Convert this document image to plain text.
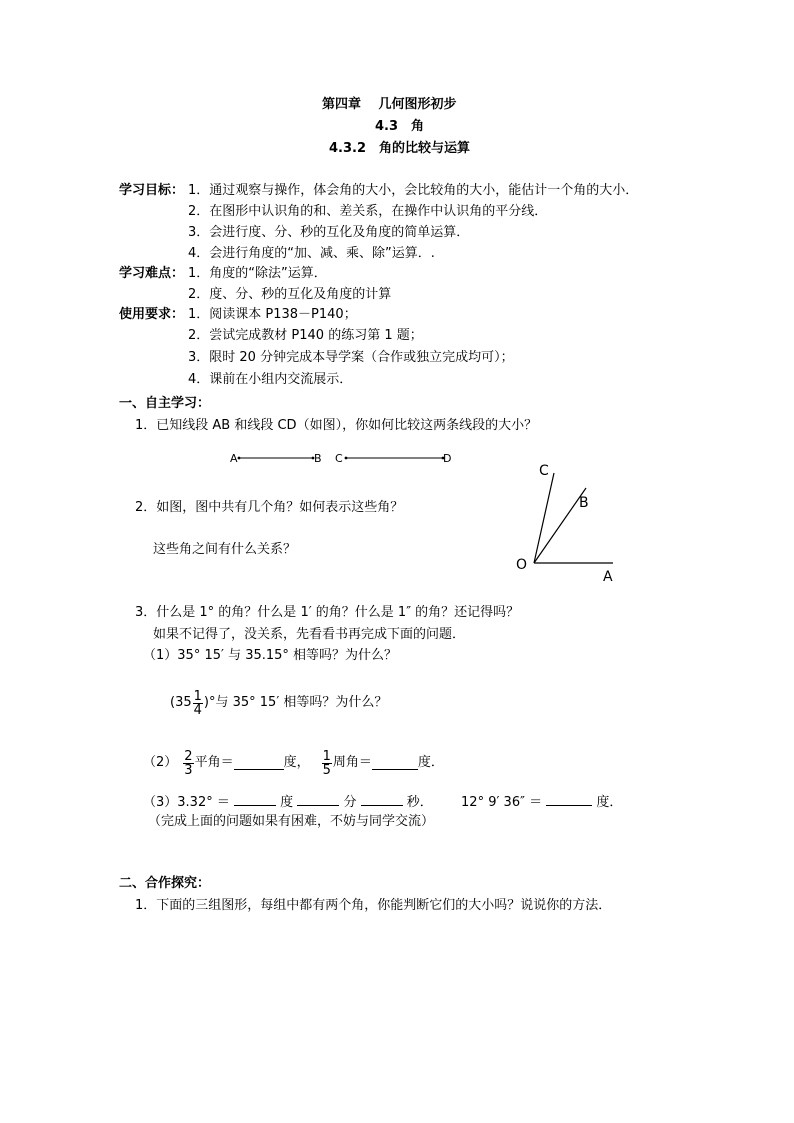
第四章　 几何图形初步
4.3　角
4.3.2　角的比较与运算
学习目标： 1．通过观察与操作，体会角的大小，会比较角的大小，能估计一个角的大小．
2．在图形中认识角的和、差关系，在操作中认识角的平分线．
3．会进行度、分、秒的互化及角度的简单运算．
4．会进行角度的“加、减、乘、除”运算．.
学习难点： 1．角度的“除法”运算．
2．度、分、秒的互化及角度的计算
使用要求： 1．阅读课本 P138－P140；
2．尝试完成教材 P140 的练习第 1 题；
3．限时 20 分钟完成本导学案（合作或独立完成均可）；
4．课前在小组内交流展示．
一、自主学习：
1．已知线段 AB 和线段 CD（如图），你如何比较这两条线段的大小？
A	B C	D
2．如图，图中共有几个角？如何表示这些角？
这些角之间有什么关系？
O
A
B
C
3．什么是 1° 的角？什么是 1′ 的角？什么是 1″ 的角？还记得吗？
如果不记得了，没关系，先看看书再完成下面的问题．
（1）35° 15′ 与 35.15° 相等吗？为什么？
($35 \frac{1}{4}$ )°与 35° 15′ 相等吗？为什么？
$(2) \frac{2}{3}$ 平角＝	度， $\frac{1}{5}$ 周角＝	度．
（3）3.32° ＝	度	分	秒． 12° 9′ 36″ ＝	度．
（完成上面的问题如果有困难，不妨与同学交流）
二、合作探究：
1．下面的三组图形，每组中都有两个角，你能判断它们的大小吗？说说你的方法．
